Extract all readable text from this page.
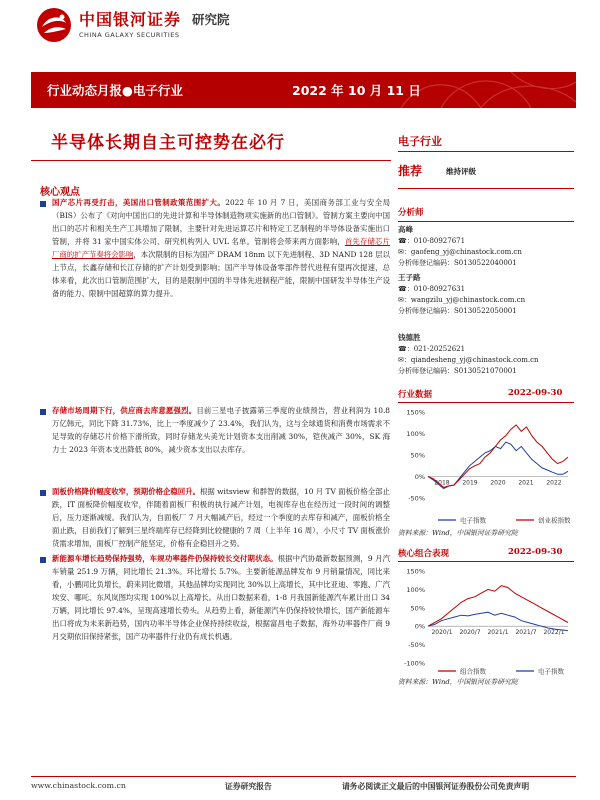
中国银河证券 研究院
CHINA GALAXY SECURITIES
行业动态月报●电子行业	2022 年 10 月 11 日
半导体长期自主可控势在必行
核心观点
国产芯片再受打击，美国出口管制政策范围扩大。2022 年 10 月 7 日，美国商务部工业与安全局（BIS）公布了《对向中国出口的先进计算和半导体制造物项实施新的出口管制》。管制方案主要向中国出口的芯片和相关生产工具增加了限制，主要针对先进运算芯片和特定工艺制程的半导体设备实施出口管制，并将 31 家中国实体公司、研究机构列入 UVL 名单。管制将会带来两方面影响，首先存储芯片厂商的扩产节奏将会影响，本次限制的目标为国产 DRAM 18nm 以下先进制程、3D NAND 128 层以上节点，长鑫存储和长江存储的扩产计划受到影响；国产半导体设备零部件替代进程有望再次提速，总体来看，此次出口管制范围扩大，目的是限制中国的半导体先进制程产能，限制中国研发半导体生产设备的能力、限制中国超算的算力提升。
存储市场周期下行，供应商去库意愿强烈。目前三星电子披露第三季度的业绩预告，营业利润为 10.8 万亿韩元，同比下降 31.73%，比上一季度减少了 23.4%，我们认为，这与全球通货和消费市场需求不足导致的存储芯片价格下滑所致，同时存储龙头美光计划资本支出削减 30%，铠侠减产 30%，SK 海力士 2023 年资本支出降低 80%，减少资本支出以去库存。
面板价格降价幅度收窄，预期价格企稳回升。根据 witsview 和群智的数据，10 月 TV 面板价格全部止跌，IT 面板降价幅度收窄，伴随着面板厂积极的执行减产计划，电视库存也在经历过一段时间的调整后，压力逐渐减缓。我们认为，自面板厂 7 月大幅减产后，经过一个季度的去库存和减产，面板价格全面止跌，目前我们了解到三星终端库存已经降到比较健康的 7 周（上半年 16 周），小尺寸 TV 面板涨价货需求增加，面板厂控制产能坚定，价格有企稳回升之势。
新能源车增长趋势保持强势，车规功率器件仍保持较长交付期状态。根据中汽协最新数据预测，9 月汽车销量 251.9 万辆，同比增长 21.3%。环比增长 5.7%。主要新能源品牌发布 9 月销量情况，同比来看，小鹏同比负增长，蔚来同比微增，其他品牌均实现同比 30%以上高增长，其中比亚迪、零跑、广汽埃安、哪吒、东风岚图均实现 100%以上高增长。从出口数据来看，1-8 月我国新能源汽车累计出口 34 万辆，同比增长 97.4%，呈现高速增长势头。从趋势上看，新能源汽车仍保持较快增长，国产新能源车出口将成为未来新趋势，国内功率半导体企业保持持续收益，根据富昌电子数据，海外功率器件厂商 9 月交期依旧保持紧张，国产功率器件行业仍有成长机遇。
电子行业
推荐	维持评级
分析师
高峰
☎：010-80927671
✉：gaofeng_yj@chinastock.com.cn
分析师登记编码：S0130522040001
王子路
☎：010-80927631
✉：wangzilu_yj@chinastock.com.cn
分析师登记编码：S0130522050001
钱德胜
☎：021-20252621
✉：qiandesheng_yj@chinastock.com.cn
分析师登记编码：S0130521070001
行业数据	2022-09-30
150%
100%
50%
0%
-50%
2018 2019 2020 2021 2022
电子指数	创业板指数
资料来源：Wind，中国银河证券研究院
核心组合表现	2022-09-30
150%
100%
50%
0%
-50%
-100%
2020/1 2020/7 2021/1 2021/7 2022/1
组合指数	电子指数
资料来源：Wind，中国银河证券研究院
www.chinastock.com.cn	证券研究报告	请务必阅读正文最后的中国银河证券股份公司免责声明
